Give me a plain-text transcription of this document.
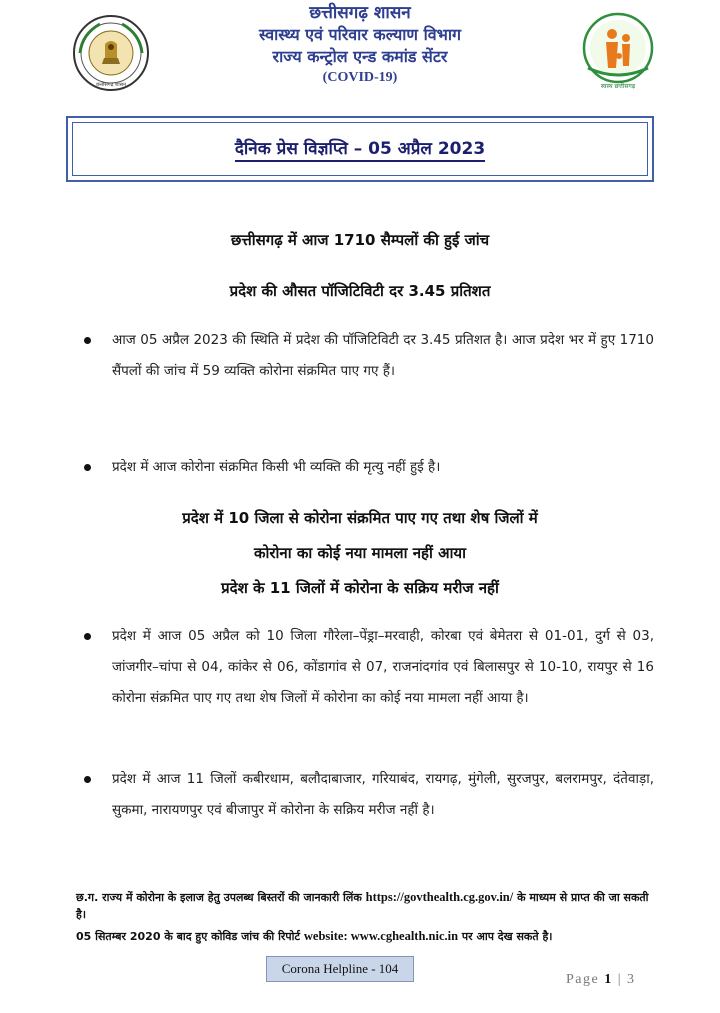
छत्तीसगढ़ शासन
छत्तीसगढ़ शासन
स्वास्थ्य एवं परिवार कल्याण विभाग
राज्य कन्ट्रोल एन्ड कमांड सेंटर
(COVID-19)
स्वस्थ छत्तीसगढ़
दैनिक प्रेस विज्ञप्ति – 05 अप्रैल 2023
छत्तीसगढ़ में आज 1710 सैम्पलों की हुई जांच
प्रदेश की औसत पॉजिटिविटी दर 3.45 प्रतिशत
आज 05 अप्रैल 2023 की स्थिति में प्रदेश की पॉजिटिविटी दर 3.45 प्रतिशत है। आज प्रदेश भर में हुए 1710 सैंपलों की जांच में 59 व्यक्ति कोरोना संक्रमित पाए गए हैं।
प्रदेश में आज कोरोना संक्रमित किसी भी व्यक्ति की मृत्यु नहीं हुई है।
प्रदेश में 10 जिला से कोरोना संक्रमित पाए गए तथा शेष जिलों में
कोरोना का कोई नया मामला नहीं आया
प्रदेश के 11 जिलों में कोरोना के सक्रिय मरीज नहीं
प्रदेश में आज 05 अप्रैल को 10 जिला गौरेला–पेंड्रा–मरवाही, कोरबा एवं बेमेतरा से 01-01, दुर्ग से 03, जांजगीर–चांपा से 04, कांकेर से 06, कोंडागांव से 07, राजनांदगांव एवं बिलासपुर से 10-10, रायपुर से 16 कोरोना संक्रमित पाए गए तथा शेष जिलों में कोरोना का कोई नया मामला नहीं आया है।
प्रदेश में आज 11 जिलों कबीरधाम, बलौदाबाजार, गरियाबंद, रायगढ़, मुंगेली, सुरजपुर, बलरामपुर, दंतेवाड़ा, सुकमा, नारायणपुर एवं बीजापुर में कोरोना के सक्रिय मरीज नहीं है।
छ.ग. राज्य में कोरोना के इलाज हेतु उपलब्ध बिस्तरों की जानकारी लिंक https://govthealth.cg.gov.in/ के माध्यम से प्राप्त की जा सकती है।
05 सितम्बर 2020 के बाद हुए कोविड जांच की रिपोर्ट website: www.cghealth.nic.in पर आप देख सकते है।
Corona Helpline - 104
Page 1 | 3
